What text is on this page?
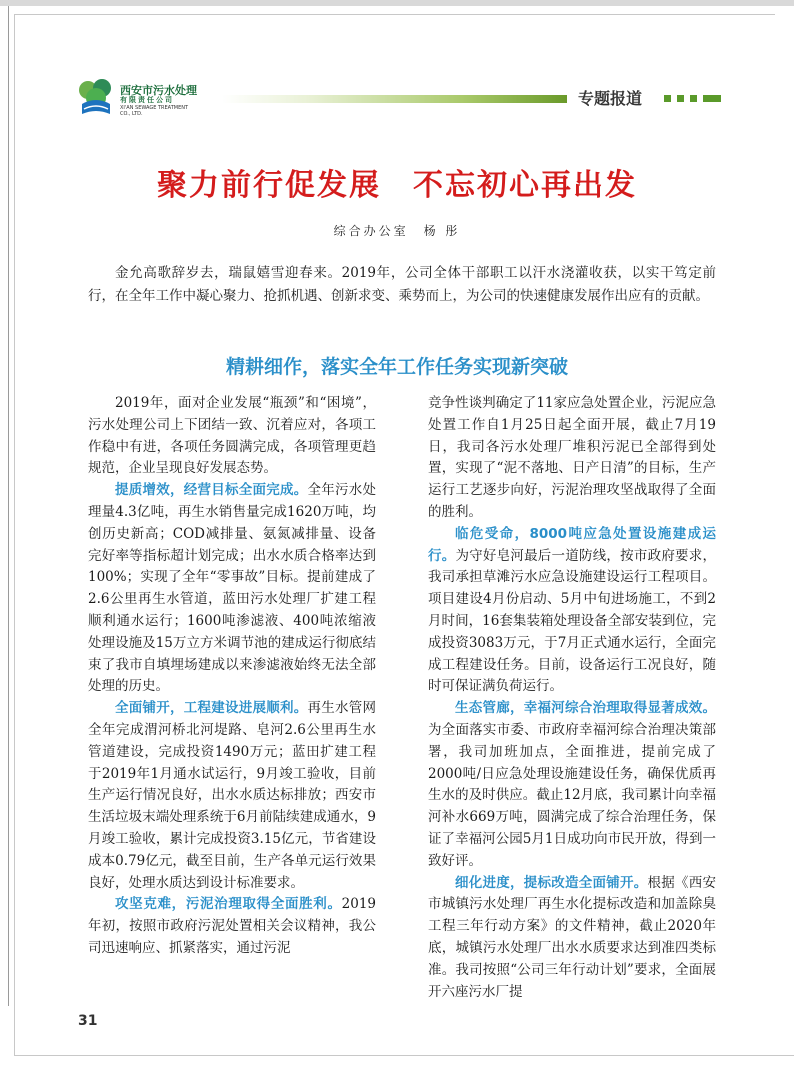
西安市污水处理
有限责任公司
XI'AN SEWAGE TREATMENT CO., LTD.
专题报道
聚力前行促发展　不忘初心再出发
综合办公室　杨 彤

金允高歌辞岁去，瑞鼠嬉雪迎春来。2019年，公司全体干部职工以汗水浇灌收获，以实干笃定前行，在全年工作中凝心聚力、抢抓机遇、创新求变、乘势而上，为公司的快速健康发展作出应有的贡献。

精耕细作，落实全年工作任务实现新突破

2019年，面对企业发展“瓶颈”和“困境”，污水处理公司上下团结一致、沉着应对，各项工作稳中有进，各项任务圆满完成，各项管理更趋规范，企业呈现良好发展态势。

提质增效，经营目标全面完成。全年污水处理量4.3亿吨，再生水销售量完成1620万吨，均创历史新高；COD减排量、氨氮减排量、设备完好率等指标超计划完成；出水水质合格率达到100%；实现了全年“零事故”目标。提前建成了2.6公里再生水管道，蓝田污水处理厂扩建工程顺利通水运行；1600吨渗滤液、400吨浓缩液处理设施及15万立方米调节池的建成运行彻底结束了我市自填埋场建成以来渗滤液始终无法全部处理的历史。

全面铺开，工程建设进展顺利。再生水管网全年完成渭河桥北河堤路、皂河2.6公里再生水管道建设，完成投资1490万元；蓝田扩建工程于2019年1月通水试运行，9月竣工验收，目前生产运行情况良好，出水水质达标排放；西安市生活垃圾末端处理系统于6月前陆续建成通水，9月竣工验收，累计完成投资3.15亿元，节省建设成本0.79亿元，截至目前，生产各单元运行效果良好，处理水质达到设计标准要求。

攻坚克难，污泥治理取得全面胜利。2019年初，按照市政府污泥处置相关会议精神，我公司迅速响应、抓紧落实，通过污泥

竞争性谈判确定了11家应急处置企业，污泥应急处置工作自1月25日起全面开展，截止7月19日，我司各污水处理厂堆积污泥已全部得到处置，实现了“泥不落地、日产日清”的目标，生产运行工艺逐步向好，污泥治理攻坚战取得了全面的胜利。

临危受命，8000吨应急处置设施建成运行。为守好皂河最后一道防线，按市政府要求，我司承担草滩污水应急设施建设运行工程项目。项目建设4月份启动、5月中旬进场施工，不到2月时间，16套集装箱处理设备全部安装到位，完成投资3083万元，于7月正式通水运行，全面完成工程建设任务。目前，设备运行工况良好，随时可保证满负荷运行。

生态管廊，幸福河综合治理取得显著成效。为全面落实市委、市政府幸福河综合治理决策部署，我司加班加点，全面推进，提前完成了2000吨/日应急处理设施建设任务，确保优质再生水的及时供应。截止12月底，我司累计向幸福河补水669万吨，圆满完成了综合治理任务，保证了幸福河公园5月1日成功向市民开放，得到一致好评。

细化进度，提标改造全面铺开。根据《西安市城镇污水处理厂再生水化提标改造和加盖除臭工程三年行动方案》的文件精神，截止2020年底，城镇污水处理厂出水水质要求达到准四类标准。我司按照“公司三年行动计划”要求，全面展开六座污水厂提

31
